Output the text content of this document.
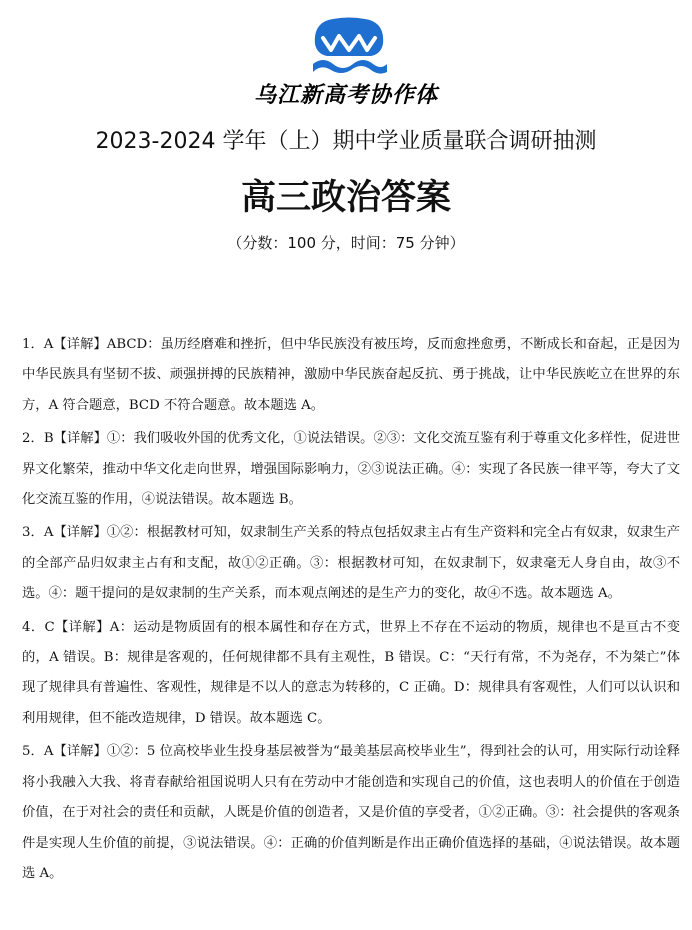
乌江新高考协作体
2023-2024 学年（上）期中学业质量联合调研抽测
高三政治答案
（分数：100 分，时间：75 分钟）

1．A【详解】ABCD：虽历经磨难和挫折，但中华民族没有被压垮，反而愈挫愈勇，不断成长和奋起，正是因为中华民族具有坚韧不拔、顽强拼搏的民族精神，激励中华民族奋起反抗、勇于挑战，让中华民族屹立在世界的东方，A 符合题意，BCD 不符合题意。故本题选 A。

2．B【详解】①：我们吸收外国的优秀文化，①说法错误。②③：文化交流互鉴有利于尊重文化多样性，促进世界文化繁荣，推动中华文化走向世界，增强国际影响力，②③说法正确。④：实现了各民族一律平等，夸大了文化交流互鉴的作用，④说法错误。故本题选 B。

3．A【详解】①②：根据教材可知，奴隶制生产关系的特点包括奴隶主占有生产资料和完全占有奴隶，奴隶生产的全部产品归奴隶主占有和支配，故①②正确。③：根据教材可知，在奴隶制下，奴隶毫无人身自由，故③不选。④：题干提问的是奴隶制的生产关系，而本观点阐述的是生产力的变化，故④不选。故本题选 A。

4．C【详解】A：运动是物质固有的根本属性和存在方式，世界上不存在不运动的物质，规律也不是亘古不变的，A 错误。B：规律是客观的，任何规律都不具有主观性，B 错误。C：“天行有常，不为尧存，不为桀亡”体现了规律具有普遍性、客观性，规律是不以人的意志为转移的，C 正确。D：规律具有客观性，人们可以认识和利用规律，但不能改造规律，D 错误。故本题选 C。

5．A【详解】①②：5 位高校毕业生投身基层被誉为“最美基层高校毕业生”，得到社会的认可，用实际行动诠释将小我融入大我、将青春献给祖国说明人只有在劳动中才能创造和实现自己的价值，这也表明人的价值在于创造价值，在于对社会的责任和贡献，人既是价值的创造者，又是价值的享受者，①②正确。③：社会提供的客观条件是实现人生价值的前提，③说法错误。④：正确的价值判断是作出正确价值选择的基础，④说法错误。故本题选 A。
